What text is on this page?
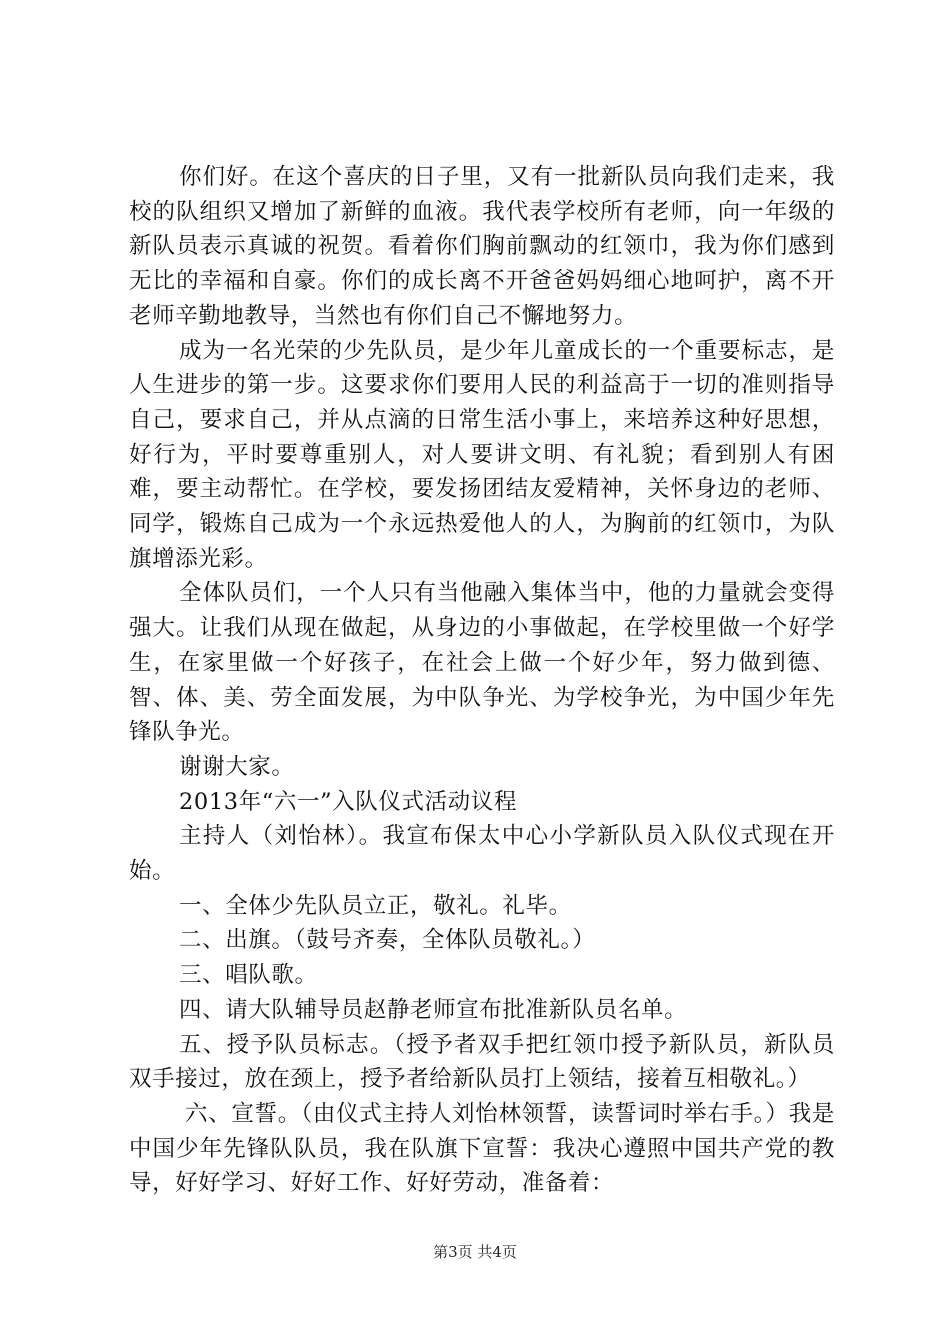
你们好。在这个喜庆的日子里，又有一批新队员向我们走来，我校的队组织又增加了新鲜的血液。我代表学校所有老师，向一年级的新队员表示真诚的祝贺。看着你们胸前飘动的红领巾，我为你们感到无比的幸福和自豪。你们的成长离不开爸爸妈妈细心地呵护，离不开老师辛勤地教导，当然也有你们自己不懈地努力。

成为一名光荣的少先队员，是少年儿童成长的一个重要标志，是人生进步的第一步。这要求你们要用人民的利益高于一切的准则指导自己，要求自己，并从点滴的日常生活小事上，来培养这种好思想，好行为，平时要尊重别人，对人要讲文明、有礼貌；看到别人有困难，要主动帮忙。在学校，要发扬团结友爱精神，关怀身边的老师、同学，锻炼自己成为一个永远热爱他人的人，为胸前的红领巾，为队旗增添光彩。

全体队员们，一个人只有当他融入集体当中，他的力量就会变得强大。让我们从现在做起，从身边的小事做起，在学校里做一个好学生，在家里做一个好孩子，在社会上做一个好少年，努力做到德、智、体、美、劳全面发展，为中队争光、为学校争光，为中国少年先锋队争光。

谢谢大家。

2013年“六一”入队仪式活动议程

主持人（刘怡林）。我宣布保太中心小学新队员入队仪式现在开始。

一、全体少先队员立正，敬礼。礼毕。

二、出旗。（鼓号齐奏，全体队员敬礼。）

三、唱队歌。

四、请大队辅导员赵静老师宣布批准新队员名单。

五、授予队员标志。（授予者双手把红领巾授予新队员，新队员双手接过，放在颈上，授予者给新队员打上领结，接着互相敬礼。）

六、宣誓。（由仪式主持人刘怡林领誓，读誓词时举右手。）我是中国少年先锋队队员，我在队旗下宣誓：我决心遵照中国共产党的教导，好好学习、好好工作、好好劳动，准备着：

第3页 共4页
